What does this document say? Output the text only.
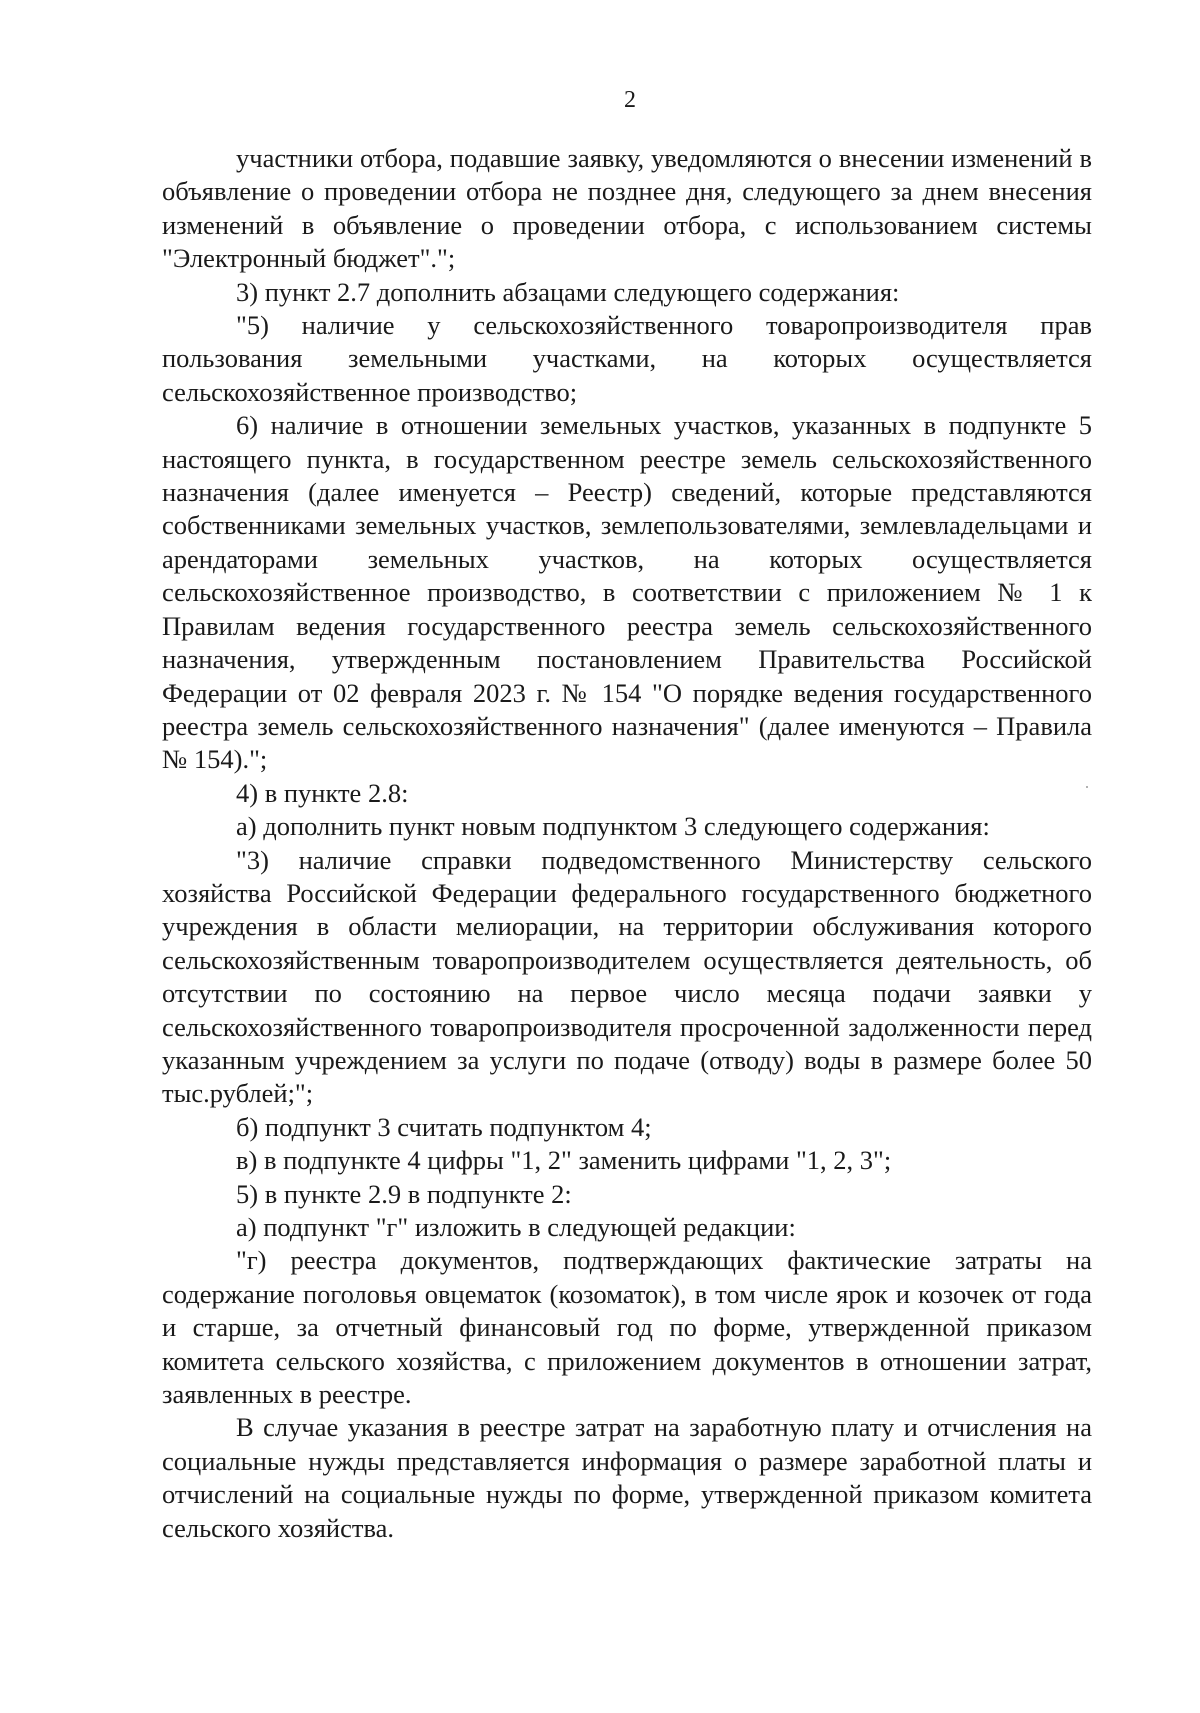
2

участники отбора, подавшие заявку, уведомляются о внесении изменений в объявление о проведении отбора не позднее дня, следующего за днем внесения изменений в объявление о проведении отбора, с использованием системы "Электронный бюджет".";

3) пункт 2.7 дополнить абзацами следующего содержания:

"5) наличие у сельскохозяйственного товаропроизводителя прав пользования земельными участками, на которых осуществляется сельскохозяйственное производство;

6) наличие в отношении земельных участков, указанных в подпункте 5 настоящего пункта, в государственном реестре земель сельскохозяйственного назначения (далее именуется – Реестр) сведений, которые представляются собственниками земельных участков, землепользователями, землевладельцами и арендаторами земельных участков, на которых осуществляется сельскохозяйственное производство, в соответствии с приложением № 1 к Правилам ведения государственного реестра земель сельскохозяйственного назначения, утвержденным постановлением Правительства Российской Федерации от 02 февраля 2023 г. № 154 "О порядке ведения государственного реестра земель сельскохозяйственного назначения" (далее именуются – Правила № 154).";

4) в пункте 2.8:

а) дополнить пункт новым подпунктом 3 следующего содержания:

"3) наличие справки подведомственного Министерству сельского хозяйства Российской Федерации федерального государственного бюджетного учреждения в области мелиорации, на территории обслуживания которого сельскохозяйственным товаропроизводителем осуществляется деятельность, об отсутствии по состоянию на первое число месяца подачи заявки у сельскохозяйственного товаропроизводителя просроченной задолженности перед указанным учреждением за услуги по подаче (отводу) воды в размере более 50 тыс.рублей;";

б) подпункт 3 считать подпунктом 4;

в) в подпункте 4 цифры "1, 2" заменить цифрами "1, 2, 3";

5) в пункте 2.9 в подпункте 2:

а) подпункт "г" изложить в следующей редакции:

"г) реестра документов, подтверждающих фактические затраты на содержание поголовья овцематок (козоматок), в том числе ярок и козочек от года и старше, за отчетный финансовый год по форме, утвержденной приказом комитета сельского хозяйства, с приложением документов в отношении затрат, заявленных в реестре.

В случае указания в реестре затрат на заработную плату и отчисления на социальные нужды представляется информация о размере заработной платы и отчислений на социальные нужды по форме, утвержденной приказом комитета сельского хозяйства.
